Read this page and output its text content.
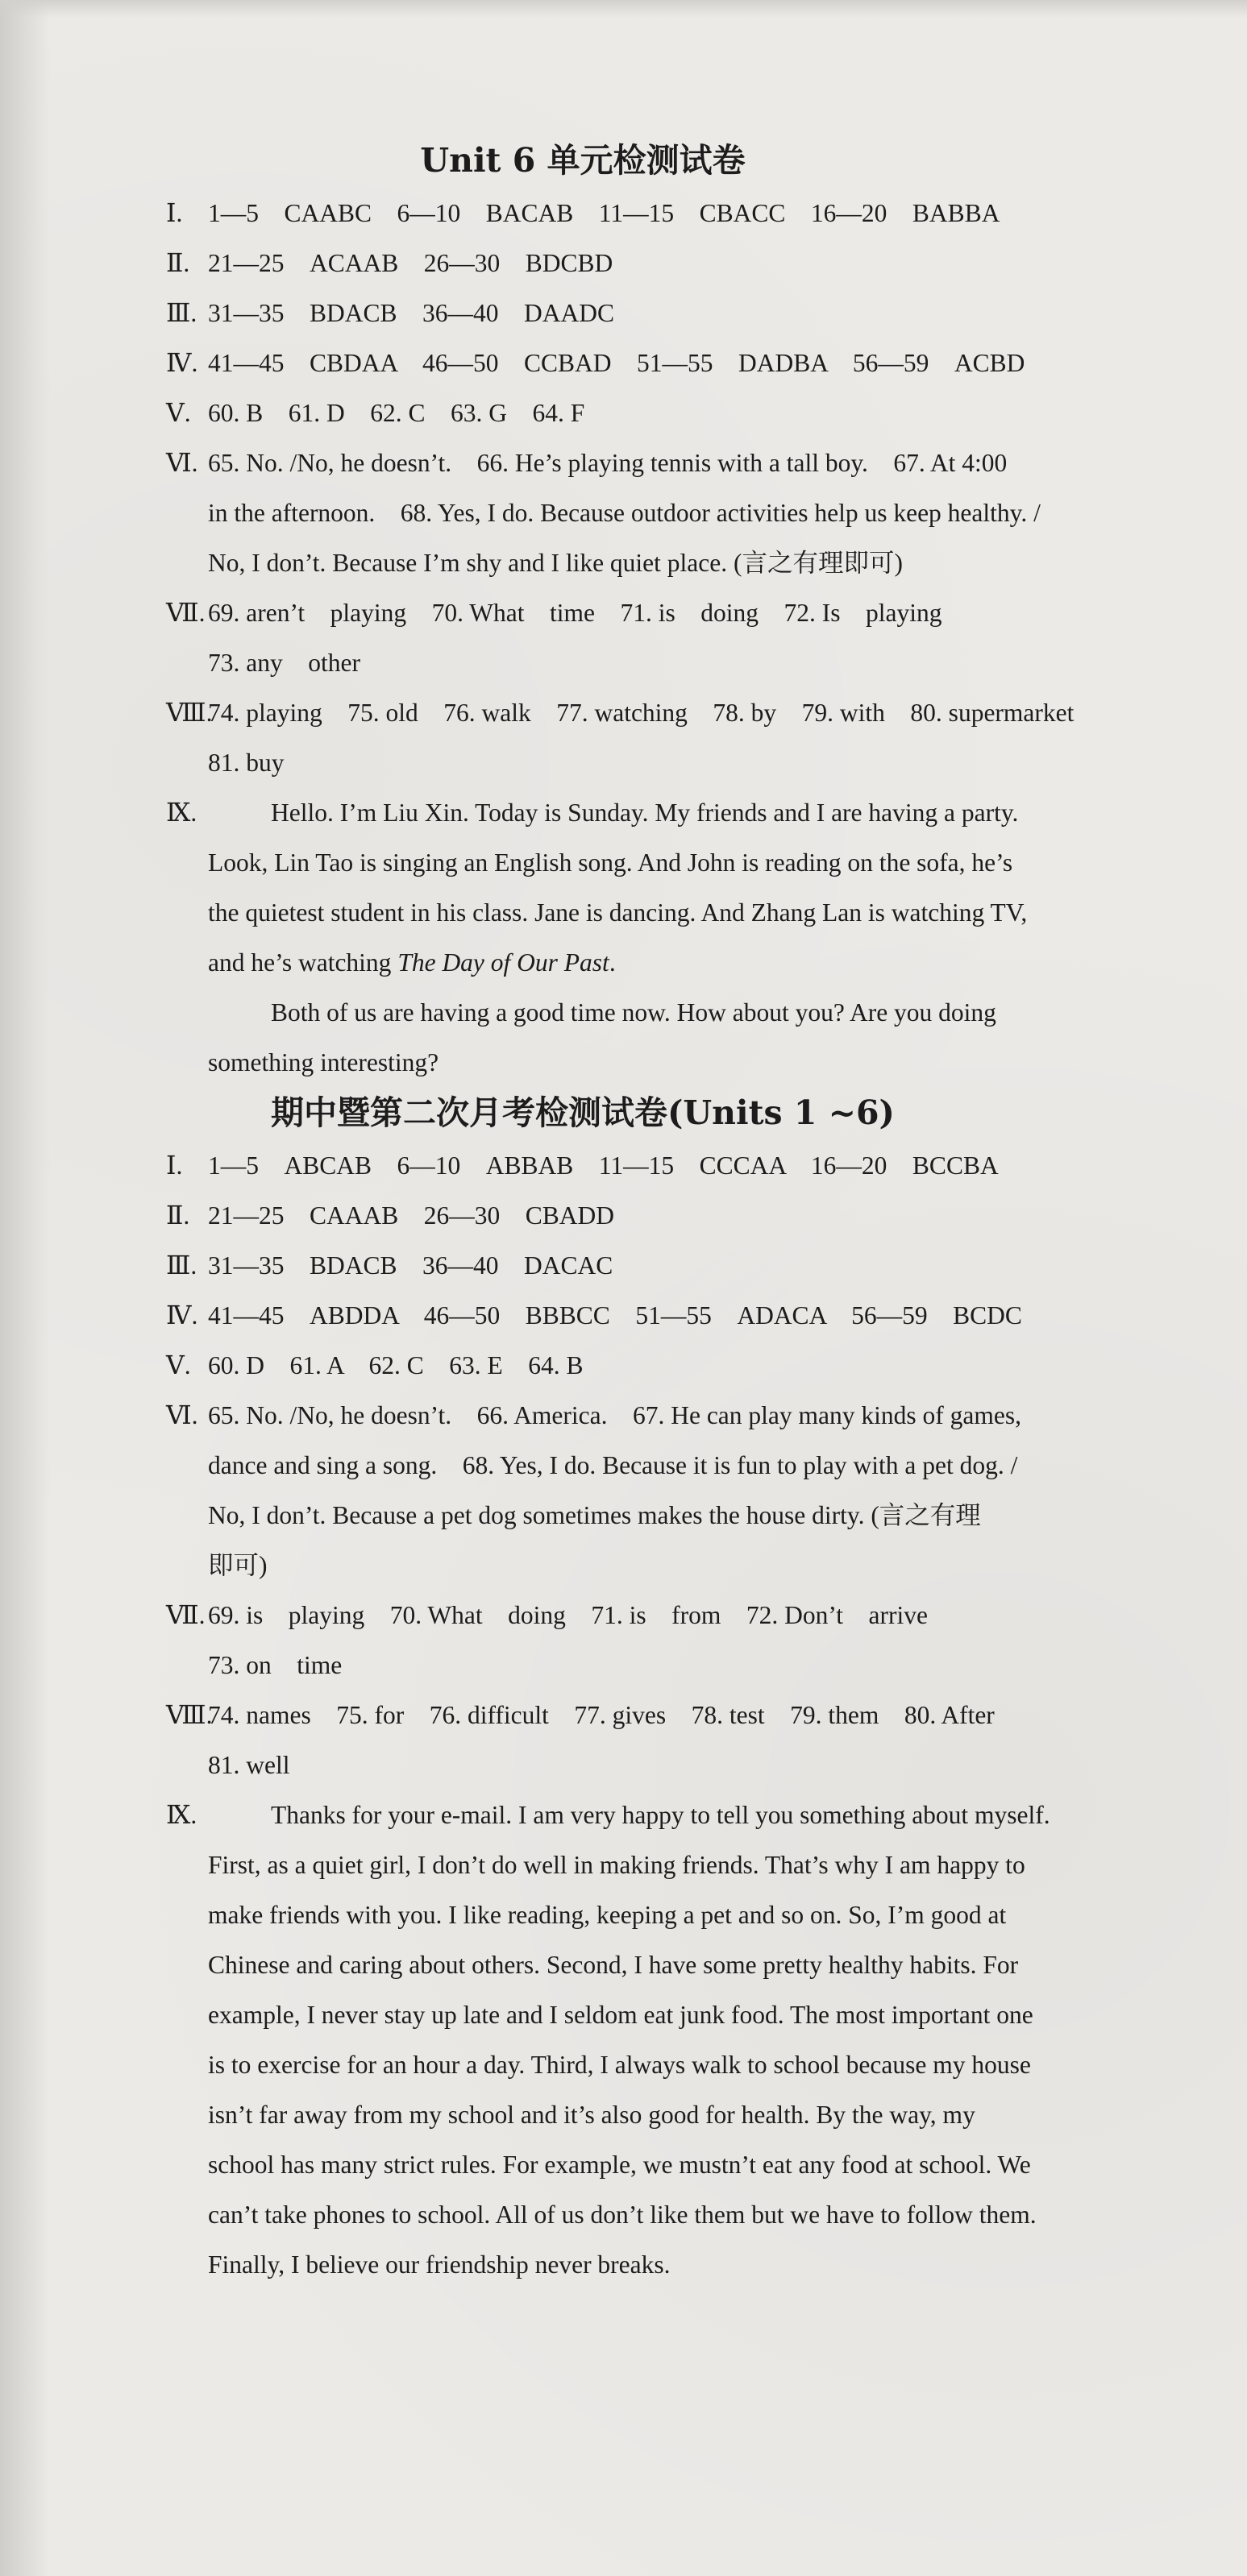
Unit 6 单元检测试卷
Ⅰ. 1—5　CAABC　6—10　BACAB　11—15　CBACC　16—20　BABBA
Ⅱ. 21—25　ACAAB　26—30　BDCBD
Ⅲ. 31—35　BDACB　36—40　DAADC
Ⅳ. 41—45　CBDAA　46—50　CCBAD　51—55　DADBA　56—59　ACBD
Ⅴ. 60. B　61. D　62. C　63. G　64. F
Ⅵ. 65. No. /No, he doesn’t.　66. He’s playing tennis with a tall boy.　67. At 4:00
in the afternoon.　68. Yes, I do. Because outdoor activities help us keep healthy. /
No, I don’t. Because I’m shy and I like quiet place. (言之有理即可)
Ⅶ. 69. aren’t　playing　70. What　time　71. is　doing　72. Is　playing
73. any　other
Ⅷ.
74. playing　75. old　76. walk　77. watching　78. by　79. with　80. supermarket
81. buy
Ⅸ.	Hello. I’m Liu Xin. Today is Sunday. My friends and I are having a party.
Look, Lin Tao is singing an English song. And John is reading on the sofa, he’s
the quietest student in his class. Jane is dancing. And Zhang Lan is watching TV,
and he’s watching The Day of Our Past.
Both of us are having a good time now. How about you? Are you doing
something interesting?
期中暨第二次月考检测试卷(Units 1 ~6)
Ⅰ. 1—5　ABCAB　6—10　ABBAB　11—15　CCCAA　16—20　BCCBA
Ⅱ. 21—25　CAAAB　26—30　CBADD
Ⅲ. 31—35　BDACB　36—40　DACAC
Ⅳ. 41—45　ABDDA　46—50　BBBCC　51—55　ADACA　56—59　BCDC
Ⅴ. 60. D　61. A　62. C　63. E　64. B
Ⅵ. 65. No. /No, he doesn’t.　66. America.　67. He can play many kinds of games,
dance and sing a song.　68. Yes, I do. Because it is fun to play with a pet dog. /
No, I don’t. Because a pet dog sometimes makes the house dirty. (言之有理
即可)
Ⅶ. 69. is　playing　70. What　doing　71. is　from　72. Don’t　arrive
73. on　time
Ⅷ.
74. names　75. for　76. difficult　77. gives　78. test　79. them　80. After
81. well
Ⅸ.	Thanks for your e-mail. I am very happy to tell you something about myself.
First, as a quiet girl, I don’t do well in making friends. That’s why I am happy to
make friends with you. I like reading, keeping a pet and so on. So, I’m good at
Chinese and caring about others. Second, I have some pretty healthy habits. For
example, I never stay up late and I seldom eat junk food. The most important one
is to exercise for an hour a day. Third, I always walk to school because my house
isn’t far away from my school and it’s also good for health. By the way, my
school has many strict rules. For example, we mustn’t eat any food at school. We
can’t take phones to school. All of us don’t like them but we have to follow them.
Finally, I believe our friendship never breaks.
